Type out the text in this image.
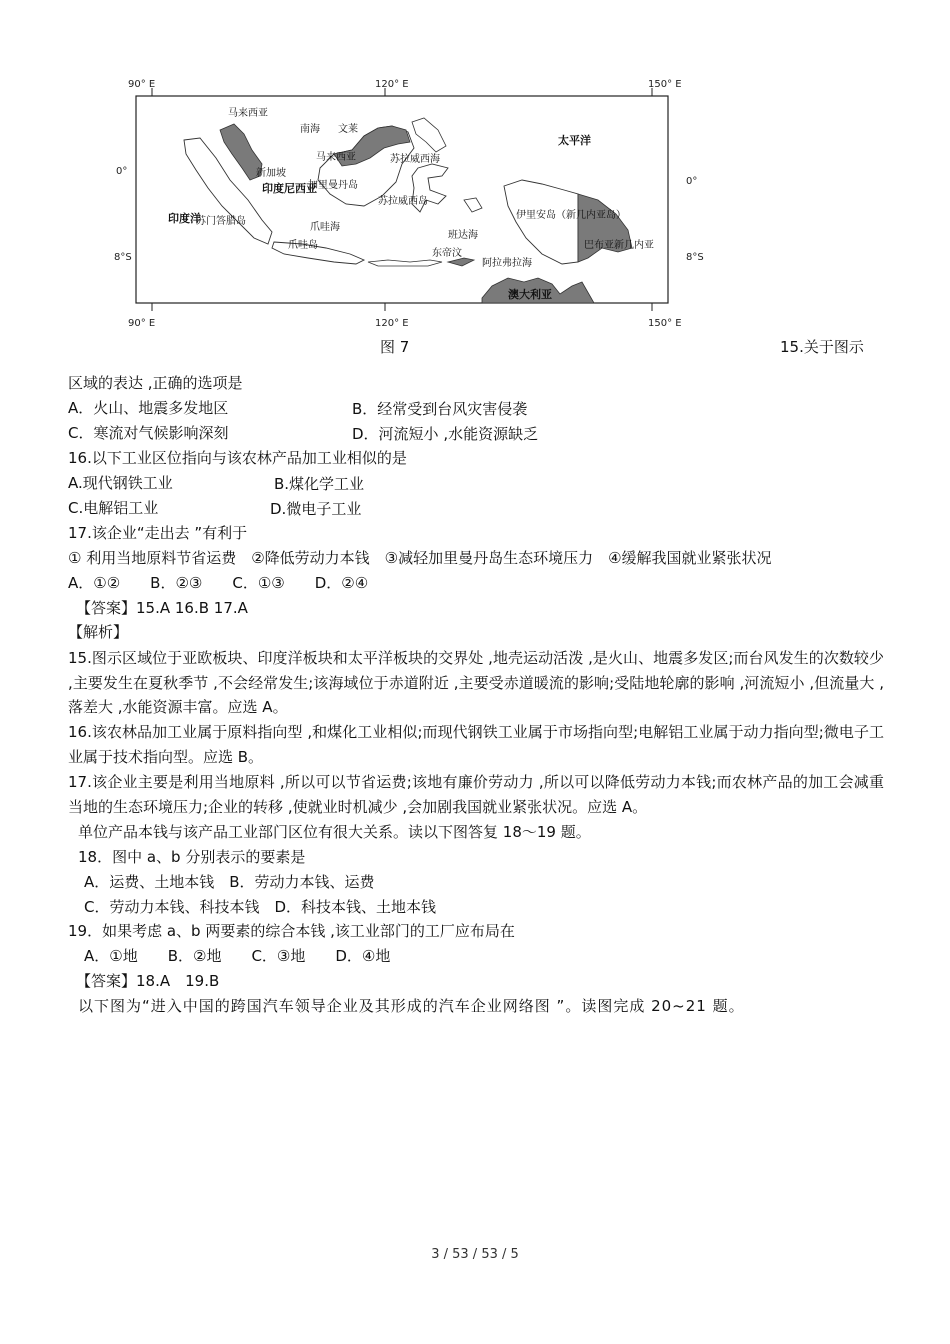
90° E	120° E	150° E
90° E	120° E	150° E
0°
8°S
0°
8°S
马来西亚
南海 文莱
马来西亚
新加坡
苏门答腊岛
加里曼丹岛
苏拉威西海
苏拉威西岛
爪哇海
爪哇岛
班达海
东帝汶
阿拉弗拉海
伊里安岛（新几内亚岛）
巴布亚新几内亚
澳大利亚
印度洋
太平洋
印度尼西亚
图 7	15.关于图示
区域的表达 ,正确的选项是
A．火山、地震多发地区	B．经常受到台风灾害侵袭
C．寒流对气候影响深刻	D．河流短小 ,水能资源缺乏
16.以下工业区位指向与该农林产品加工业相似的是
A.现代钢铁工业	B.煤化学工业
C.电解铝工业	D.微电子工业
17.该企业“走出去 ”有利于
① 利用当地原料节省运费　②降低劳动力本钱　③减轻加里曼丹岛生态环境压力　④缓解我国就业紧张状况
A．①②　　B．②③　　C．①③　　D．②④
【答案】15.A 16.B 17.A
【解析】
15.图示区域位于亚欧板块、印度洋板块和太平洋板块的交界处 ,地壳运动活泼 ,是火山、地震多发区;而台风发生的次数较少 ,主要发生在夏秋季节 ,不会经常发生;该海域位于赤道附近 ,主要受赤道暖流的影响;受陆地轮廓的影响 ,河流短小 ,但流量大 ,落差大 ,水能资源丰富。应选 A。
16.该农林品加工业属于原料指向型 ,和煤化工业相似;而现代钢铁工业属于市场指向型;电解铝工业属于动力指向型;微电子工业属于技术指向型。应选 B。
17.该企业主要是利用当地原料 ,所以可以节省运费;该地有廉价劳动力 ,所以可以降低劳动力本钱;而农林产品的加工会减重当地的生态环境压力;企业的转移 ,使就业时机减少 ,会加剧我国就业紧张状况。应选 A。
单位产品本钱与该产品工业部门区位有很大关系。读以下图答复 18～19 题。
18．图中 a、b 分别表示的要素是
A．运费、土地本钱　B．劳动力本钱、运费
C．劳动力本钱、科技本钱　D．科技本钱、土地本钱
19．如果考虑 a、b 两要素的综合本钱 ,该工业部门的工厂应布局在
A．①地　　B．②地　　C．③地　　D．④地
【答案】18.A　19.B
以下图为“进入中国的跨国汽车领导企业及其形成的汽车企业网络图 ”。读图完成 20~21 题。
3 / 53 / 53 / 5
